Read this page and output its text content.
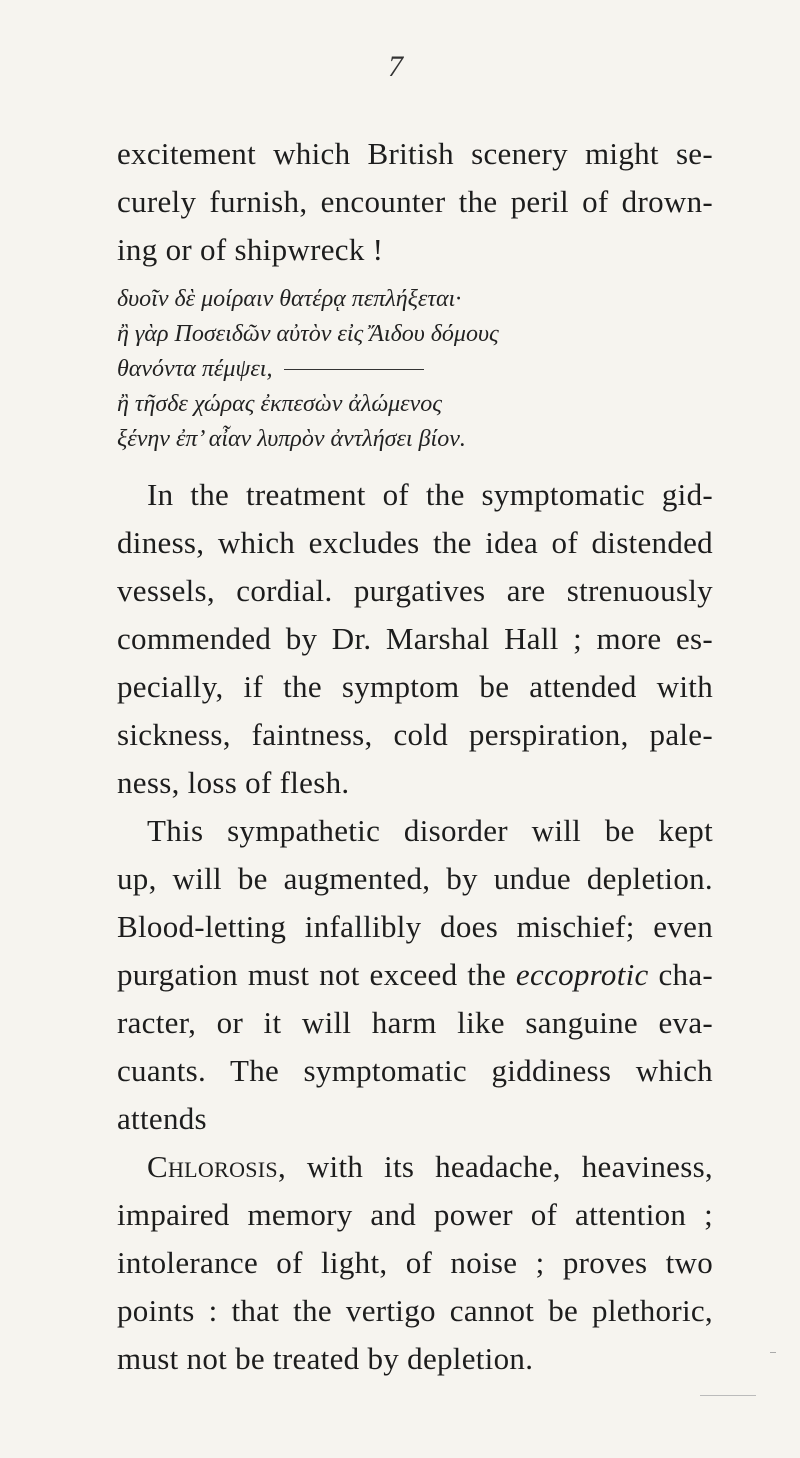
7
excitement which British scenery might se-
curely furnish, encounter the peril of drown-
ing or of shipwreck !
δυοῖν δὲ μοίραιν θατέρᾳ πεπλήξεται·
ἢ γὰρ Ποσειδῶν αὐτὸν εἰς Ἄιδου δόμους
θανόντα πέμψει,
ἢ τῆσδε χώρας ἐκπεσὼν ἀλώμενος
ξένην ἐπ’ αἶαν λυπρὸν ἀντλήσει βίον.
In the treatment of the symptomatic gid-
diness, which excludes the idea of distended
vessels, cordial. purgatives are strenuously
commended by Dr. Marshal Hall ; more es-
pecially, if the symptom be attended with
sickness, faintness, cold perspiration, pale-
ness, loss of flesh.
This sympathetic disorder will be kept
up, will be augmented, by undue depletion.
Blood-letting infallibly does mischief; even
purgation must not exceed the eccoprotic cha-
racter, or it will harm like sanguine eva-
cuants. The symptomatic giddiness which
attends
Chlorosis, with its headache, heaviness,
impaired memory and power of attention ;
intolerance of light, of noise ; proves two
points : that the vertigo cannot be plethoric,
must not be treated by depletion.
